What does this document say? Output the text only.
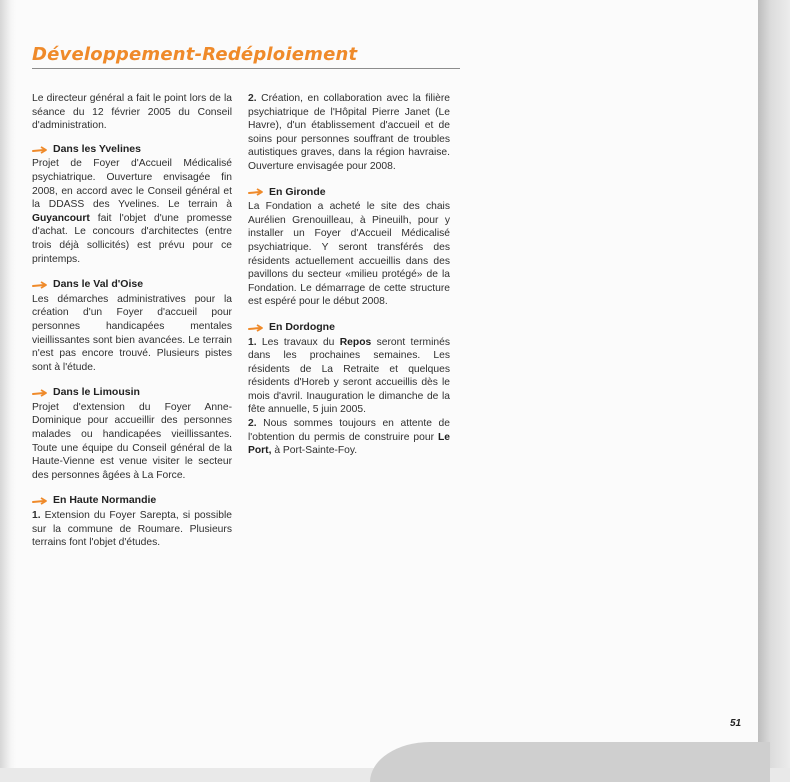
Développement-Redéploiement

Le directeur général a fait le point lors de la séance du 12 février 2005 du Conseil d'administration.

Dans les Yvelines
Projet de Foyer d'Accueil Médicalisé psychiatrique. Ouverture envisagée fin 2008, en accord avec le Conseil général et la DDASS des Yvelines. Le terrain à Guyancourt fait l'objet d'une promesse d'achat. Le concours d'architectes (entre trois déjà sollicités) est prévu pour ce printemps.
Dans le Val d'Oise
Les démarches administratives pour la création d'un Foyer d'accueil pour personnes handicapées mentales vieillissantes sont bien avancées. Le terrain n'est pas encore trouvé. Plusieurs pistes sont à l'étude.
Dans le Limousin
Projet d'extension du Foyer Anne-Dominique pour accueillir des personnes malades ou handicapées vieillissantes. Toute une équipe du Conseil général de la Haute-Vienne est venue visiter le secteur des personnes âgées à La Force.
En Haute Normandie
1. Extension du Foyer Sarepta, si possible sur la commune de Roumare. Plusieurs terrains font l'objet d'études.
2. Création, en collaboration avec la filière psychiatrique de l'Hôpital Pierre Janet (Le Havre), d'un établissement d'accueil et de soins pour personnes souffrant de troubles autistiques graves, dans la région havraise. Ouverture envisagée pour 2008.
En Gironde
La Fondation a acheté le site des chais Aurélien Grenouilleau, à Pineuilh, pour y installer un Foyer d'Accueil Médicalisé psychiatrique. Y seront transférés des résidents actuellement accueillis dans des pavillons du secteur «milieu protégé» de la Fondation. Le démarrage de cette structure est espéré pour le début 2008.
En Dordogne
1. Les travaux du Repos seront terminés dans les prochaines semaines. Les résidents de La Retraite et quelques résidents d'Horeb y seront accueillis dès le mois d'avril. Inauguration le dimanche de la fête annuelle, 5 juin 2005.
2. Nous sommes toujours en attente de l'obtention du permis de construire pour Le Port, à Port-Sainte-Foy.
51
